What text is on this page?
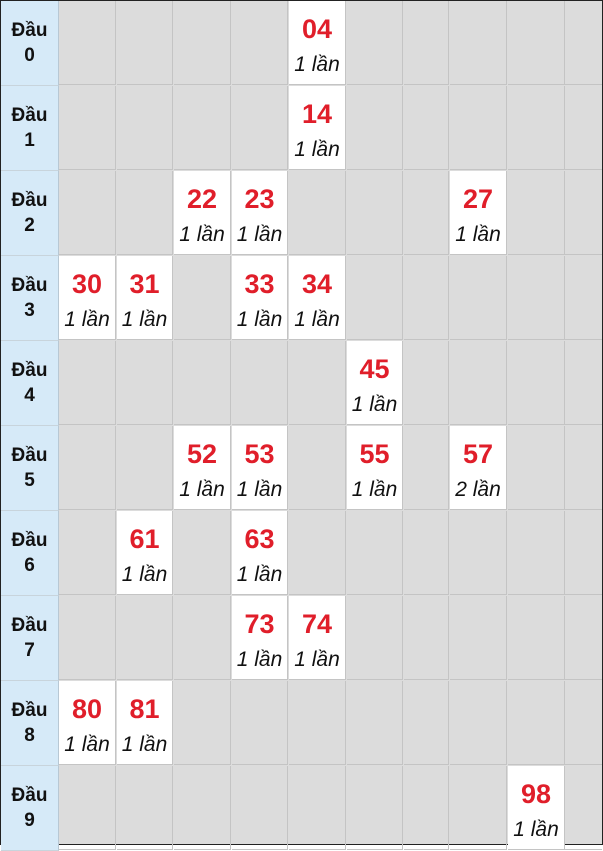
Đầu
0
04
1 lần
Đầu
1
14
1 lần
Đầu
2
22
1 lần
23
1 lần
27
1 lần
Đầu
3
30
1 lần
31
1 lần
33
1 lần
34
1 lần
Đầu
4
45
1 lần
Đầu
5
52
1 lần
53
1 lần
55
1 lần
57
2 lần
Đầu
6
61
1 lần
63
1 lần
Đầu
7
73
1 lần
74
1 lần
Đầu
8
80
1 lần
81
1 lần
Đầu
9
98
1 lần
